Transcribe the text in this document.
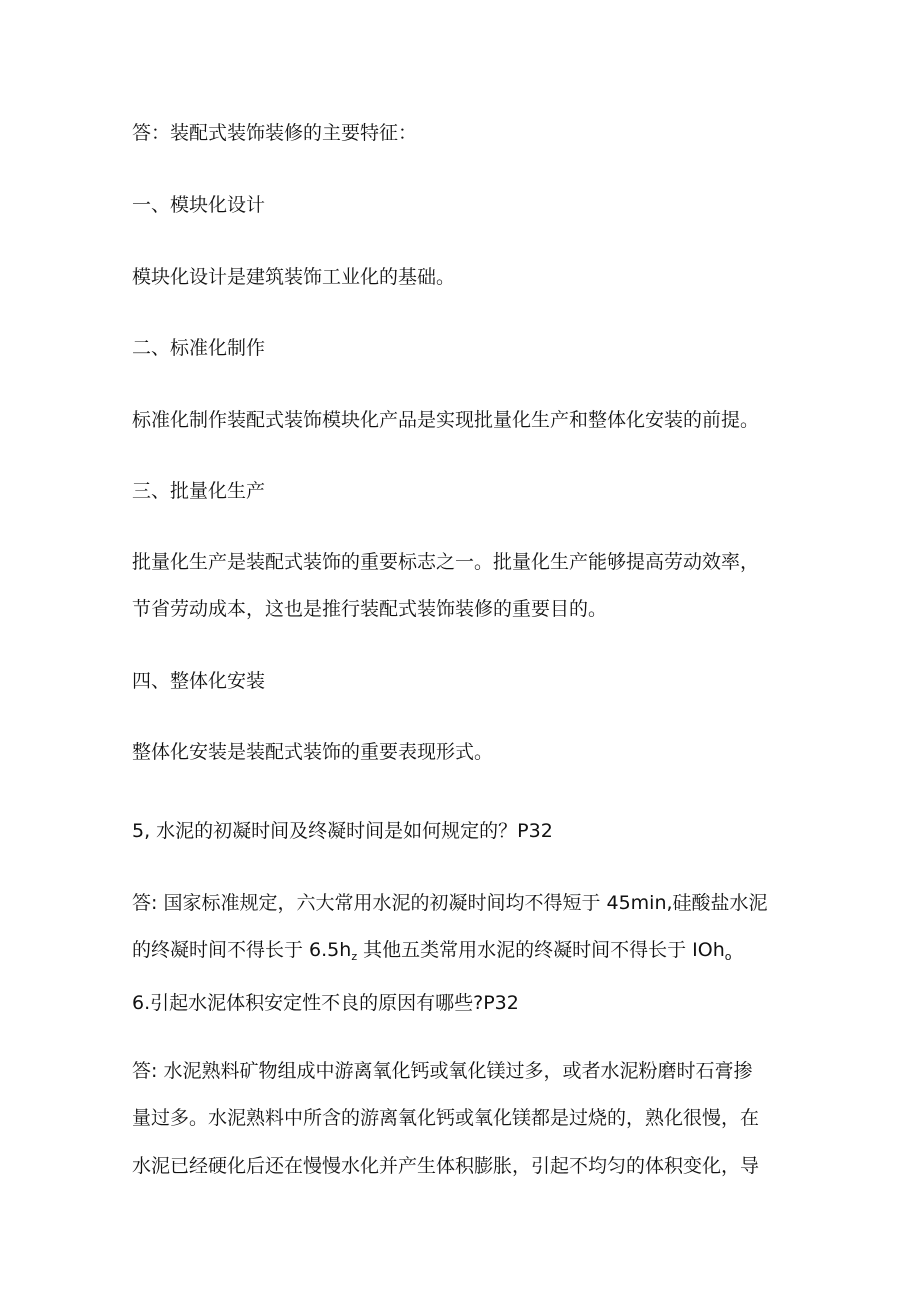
答：装配式装饰装修的主要特征：
一、模块化设计
模块化设计是建筑装饰工业化的基础。
二、标准化制作
标准化制作装配式装饰模块化产品是实现批量化生产和整体化安装的前提。
三、批量化生产
批量化生产是装配式装饰的重要标志之一。批量化生产能够提高劳动效率，
节省劳动成本，这也是推行装配式装饰装修的重要目的。
四、整体化安装
整体化安装是装配式装饰的重要表现形式。
5, 水泥的初凝时间及终凝时间是如何规定的？P32
答: 国家标准规定，六大常用水泥的初凝时间均不得短于 45min,硅酸盐水泥
的终凝时间不得长于 $6.5h_z$ 其他五类常用水泥的终凝时间不得长于 IOh$_o$
6.引起水泥体积安定性不良的原因有哪些?P32
答: 水泥熟料矿物组成中游离氧化钙或氧化镁过多，或者水泥粉磨时石膏掺
量过多。水泥熟料中所含的游离氧化钙或氧化镁都是过烧的，熟化很慢，在
水泥已经硬化后还在慢慢水化并产生体积膨胀，引起不均匀的体积变化，导
